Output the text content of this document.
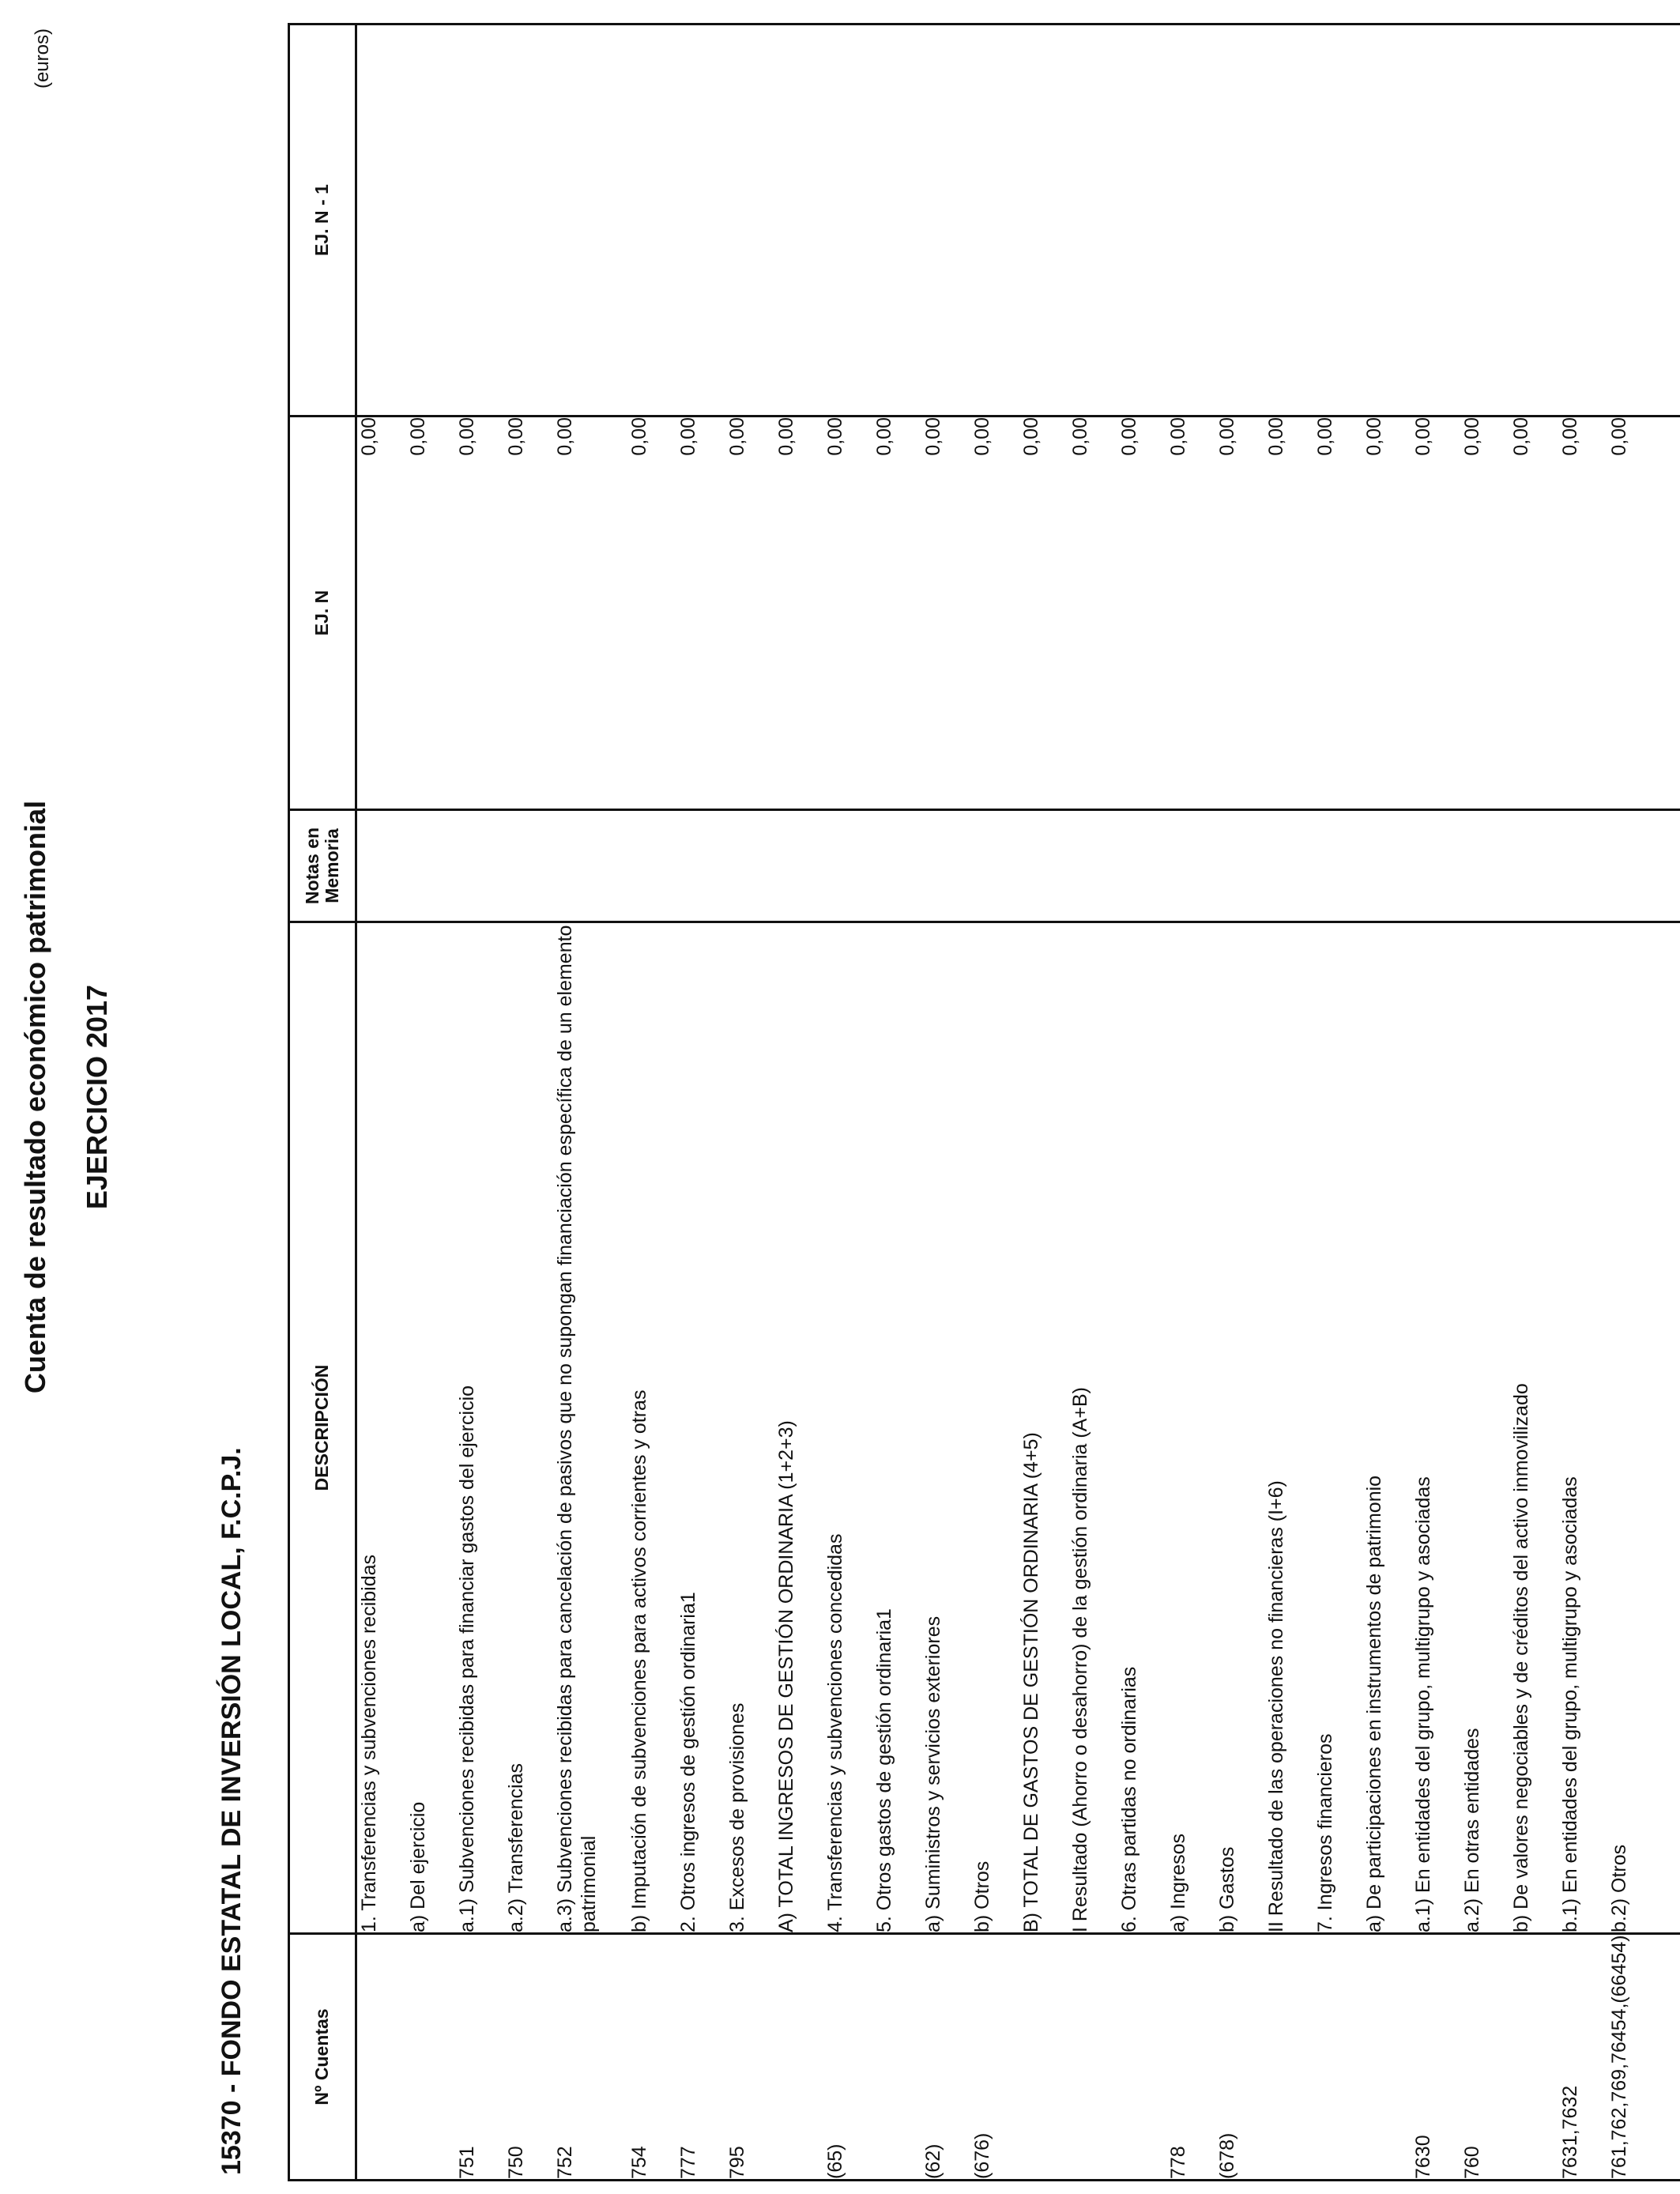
Cuenta de resultado económico patrimonial EJERCICIO 2017
(euros)
15370 - FONDO ESTATAL DE INVERSIÓN LOCAL, F.C.P.J.	Nº Cuentas	DESCRIPCIÓN	Notas en Memoria	EJ. N	EJ. N - 1
	1. Transferencias y subvenciones recibidas		0,00	
	a) Del ejercicio		0,00	
751	a.1) Subvenciones recibidas para financiar gastos del ejercicio		0,00	
750	a.2) Transferencias		0,00	
752	a.3) Subvenciones recibidas para cancelación de pasivos que no supongan financiación específica de un elemento patrimonial		0,00	
754	b) Imputación de subvenciones para activos corrientes y otras		0,00	
777	2. Otros ingresos de gestión ordinaria1		0,00	
795	3. Excesos de provisiones		0,00	
	A) TOTAL INGRESOS DE GESTIÓN ORDINARIA (1+2+3)		0,00	
(65)	4. Transferencias y subvenciones concedidas		0,00	
	5. Otros gastos de gestión ordinaria1		0,00	
(62)	a) Suministros y servicios exteriores		0,00	
(676)	b) Otros		0,00	
	B) TOTAL DE GASTOS DE GESTIÓN ORDINARIA (4+5)		0,00	
	I Resultado (Ahorro o desahorro) de la gestión ordinaria (A+B)		0,00	
	6. Otras partidas no ordinarias		0,00	
778	a) Ingresos		0,00	
(678)	b) Gastos		0,00	
	II Resultado de las operaciones no financieras (I+6)		0,00	
	7. Ingresos financieros		0,00	
	a) De participaciones en instrumentos de patrimonio		0,00	
7630	a.1) En entidades del grupo, multigrupo y asociadas		0,00	
760	a.2) En otras entidades		0,00	
	b) De valores negociables y de créditos del activo inmovilizado		0,00	
7631,7632	b.1) En entidades del grupo, multigrupo y asociadas		0,00	
761,762,769,76454,(66454)	b.2) Otros		0,00	
